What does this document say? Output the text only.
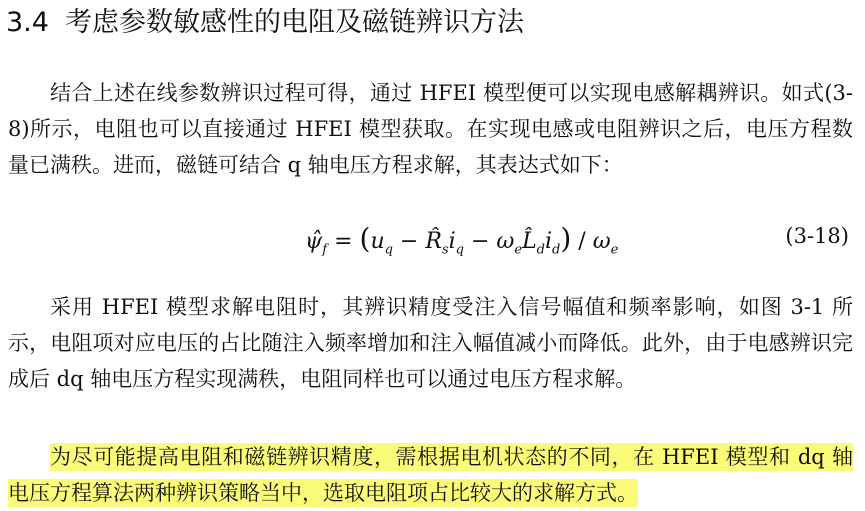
3.4 考虑参数敏感性的电阻及磁链辨识方法

结合上述在线参数辨识过程可得，通过 HFEI 模型便可以实现电感解耦辨识。如式(3-8)所示，电阻也可以直接通过 HFEI 模型获取。在实现电感或电阻辨识之后，电压方程数量已满秩。进而，磁链可结合 q 轴电压方程求解，其表达式如下：

$\psî_f = (u_q$ − $R̂_si_q$ − $\omega_eL̂_di_d) / \omega_e$
(3-18)

采用 HFEI 模型求解电阻时，其辨识精度受注入信号幅值和频率影响，如图 3-1 所示，电阻项对应电压的占比随注入频率增加和注入幅值减小而降低。此外，由于电感辨识完成后 dq 轴电压方程实现满秩，电阻同样也可以通过电压方程求解。

为尽可能提高电阻和磁链辨识精度，需根据电机状态的不同，在 HFEI 模型和 dq 轴电压方程算法两种辨识策略当中，选取电阻项占比较大的求解方式。
